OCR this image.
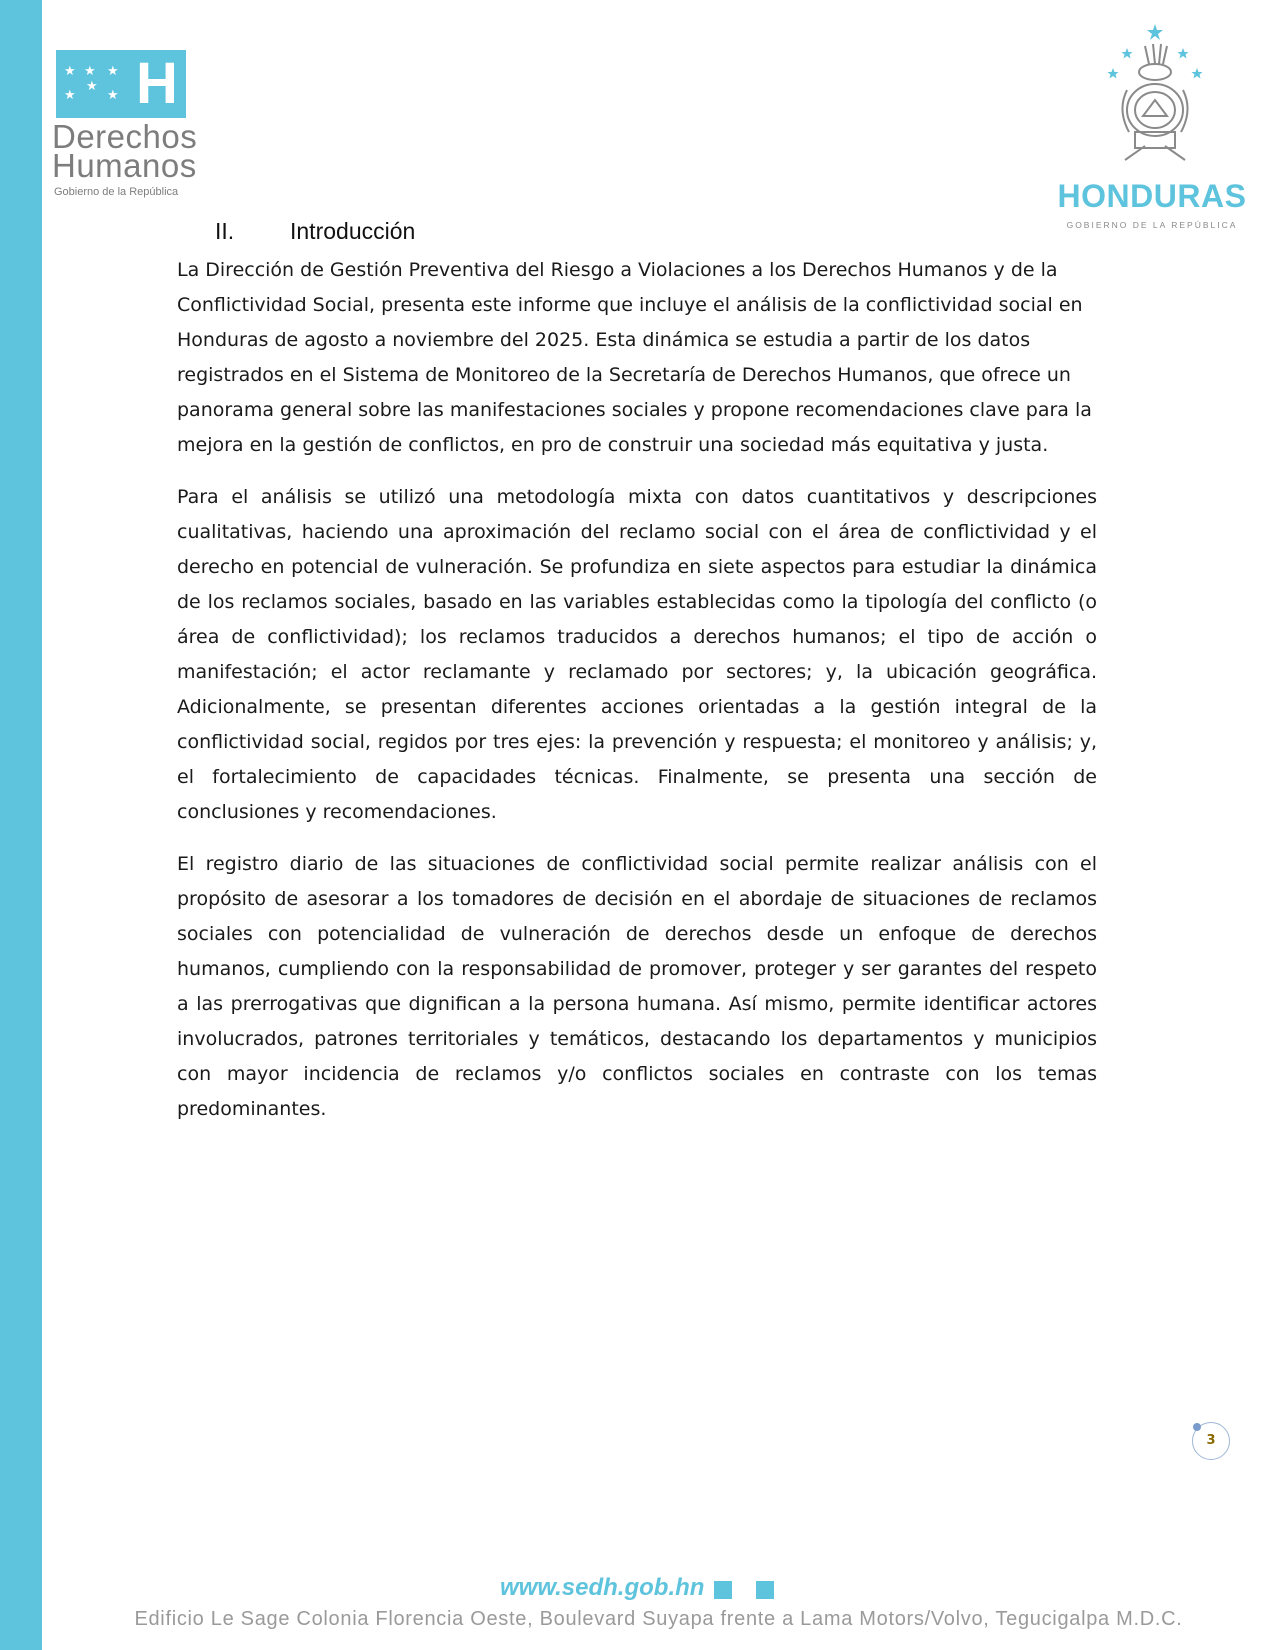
★ ★ ★
★ ★
★ H
Derechos
Humanos
Gobierno de la República	HONDURAS
GOBIERNO DE LA REPÚBLICA
II. Introducción

La Dirección de Gestión Preventiva del Riesgo a Violaciones a los Derechos Humanos y de la Conflictividad Social, presenta este informe que incluye el análisis de la conflictividad social en Honduras de agosto a noviembre del 2025. Esta dinámica se estudia a partir de los datos registrados en el Sistema de Monitoreo de la Secretaría de Derechos Humanos, que ofrece un panorama general sobre las manifestaciones sociales y propone recomendaciones clave para la mejora en la gestión de conflictos, en pro de construir una sociedad más equitativa y justa.

Para el análisis se utilizó una metodología mixta con datos cuantitativos y descripciones cualitativas, haciendo una aproximación del reclamo social con el área de conflictividad y el derecho en potencial de vulneración. Se profundiza en siete aspectos para estudiar la dinámica de los reclamos sociales, basado en las variables establecidas como la tipología del conflicto (o área de conflictividad); los reclamos traducidos a derechos humanos; el tipo de acción o manifestación; el actor reclamante y reclamado por sectores; y, la ubicación geográfica. Adicionalmente, se presentan diferentes acciones orientadas a la gestión integral de la conflictividad social, regidos por tres ejes: la prevención y respuesta; el monitoreo y análisis; y, el fortalecimiento de capacidades técnicas. Finalmente, se presenta una sección de conclusiones y recomendaciones.

El registro diario de las situaciones de conflictividad social permite realizar análisis con el propósito de asesorar a los tomadores de decisión en el abordaje de situaciones de reclamos sociales con potencialidad de vulneración de derechos desde un enfoque de derechos humanos, cumpliendo con la responsabilidad de promover, proteger y ser garantes del respeto a las prerrogativas que dignifican a la persona humana. Así mismo, permite identificar actores involucrados, patrones territoriales y temáticos, destacando los departamentos y municipios con mayor incidencia de reclamos y/o conflictos sociales en contraste con los temas predominantes.

3
www.sedh.gob.hn
Edificio Le Sage Colonia Florencia Oeste, Boulevard Suyapa frente a Lama Motors/Volvo, Tegucigalpa M.D.C.
